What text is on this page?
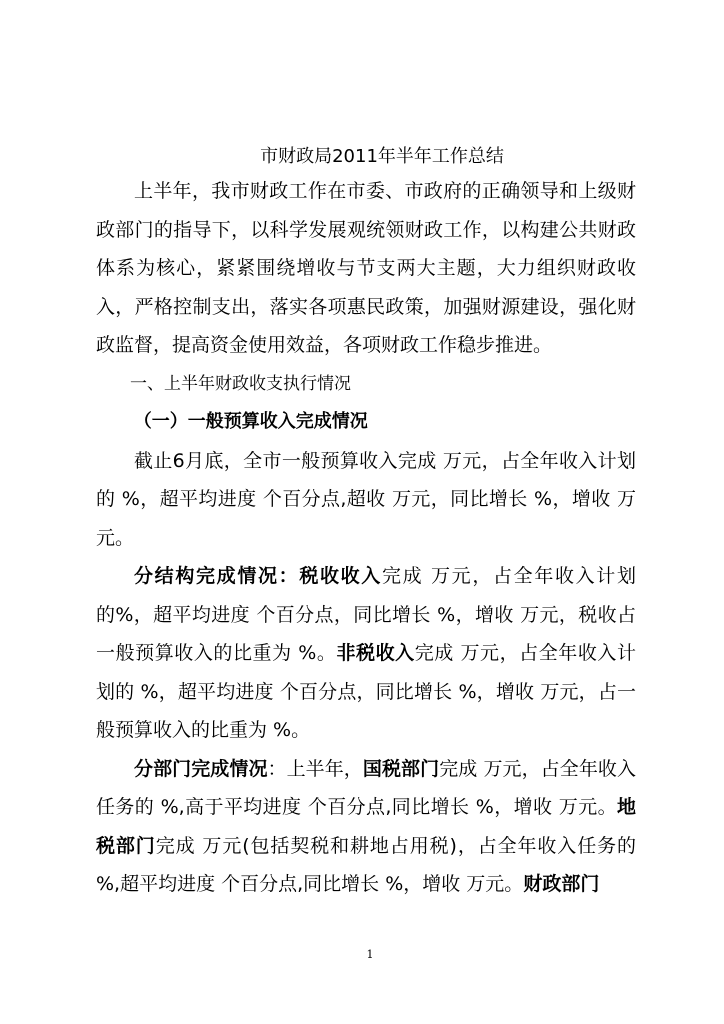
市财政局2011年半年工作总结

上半年，我市财政工作在市委、市政府的正确领导和上级财政部门的指导下，以科学发展观统领财政工作，以构建公共财政体系为核心，紧紧围绕增收与节支两大主题，大力组织财政收入，严格控制支出，落实各项惠民政策，加强财源建设，强化财政监督，提高资金使用效益，各项财政工作稳步推进。

一、上半年财政收支执行情况

（一）一般预算收入完成情况

截止6月底，全市一般预算收入完成 万元，占全年收入计划的 %，超平均进度 个百分点,超收 万元，同比增长 %，增收 万元。

分结构完成情况：税收收入完成 万元，占全年收入计划的%，超平均进度 个百分点，同比增长 %，增收 万元，税收占一般预算收入的比重为 %。非税收入完成 万元，占全年收入计划的 %，超平均进度 个百分点，同比增长 %，增收 万元，占一般预算收入的比重为 %。

分部门完成情况：上半年，国税部门完成 万元，占全年收入任务的 %,高于平均进度 个百分点,同比增长 %，增收 万元。地税部门完成 万元(包括契税和耕地占用税)，占全年收入任务的 %,超平均进度 个百分点,同比增长 %，增收 万元。财政部门

1
